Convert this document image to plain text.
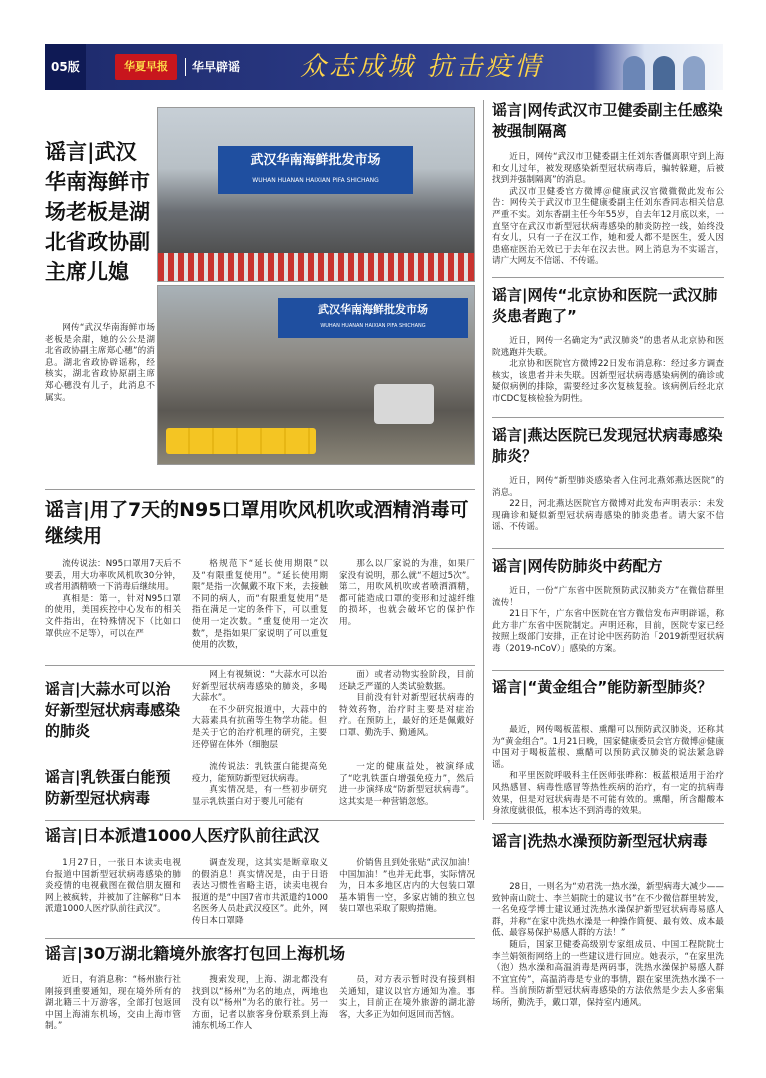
05版	华夏早报	华早辟谣 众志成城 抗击疫情
谣言|武汉华南海鲜市场老板是湖北省政协副主席儿媳

网传“武汉华南海鲜市场老板是余甜，她的公公是湖北省政协副主席郑心穗”的消息。湖北省政协辟谣称，经核实，湖北省政协原副主席郑心穗没有儿子，此消息不属实。

武汉华南海鲜批发市场
WUHAN HUANAN HAIXIAN PIFA SHICHANG
武汉华南海鲜批发市场
WUHAN HUANAN HAIXIAN PIFA SHICHANG
谣言|网传武汉市卫健委副主任感染被强制隔离

近日，网传“武汉市卫健委副主任刘东香僵离职守到上海和女儿过年，被发现感染新型冠状病毒后，骗转躲避，后被找到并强制隔离”的消息。

武汉市卫健委官方微博＠健康武汉官微微微此发布公告：网传关于武汉市卫生健康委副主任刘东香同志相关信息严重不实。刘东香副主任今年55岁，自去年12月底以来，一直坚守在武汉市新型冠状病毒感染的肺炎防控一线，始终没有女儿，只有一子在汉工作，她和爱人都不是医生，爱人因患癌症医治无效已于去年在汉去世。网上消息为不实谣言，请广大网友不信谣、不传谣。

谣言|网传“北京协和医院一武汉肺炎患者跑了”

近日，网传一名确定为“武汉肺炎”的患者从北京协和医院逃跑并失联。

北京协和医院官方微博22日发布消息称：经过多方调查核实，该患者并未失联。因新型冠状病毒感染病例的确诊或疑似病例的排除，需要经过多次复核复验。该病例后经北京市CDC复核检验为阴性。

谣言|燕达医院已发现冠状病毒感染肺炎？

近日，网传“新型肺炎感染者入住河北燕郊燕达医院”的消息。

22日，河北燕达医院官方微博对此发布声明表示：未发现确诊和疑似新型冠状病毒感染的肺炎患者。请大家不信谣、不传谣。

谣言|网传防肺炎中药配方

近日，一份“广东省中医院预防武汉肺炎方”在微信群里流传！

21日下午，广东省中医院在官方微信发布声明辟谣，称此方非广东省中医院制定。声明还称，目前，医院专家已经按照上级部门安排，正在讨论中医药防治「2019新型冠状病毒（2019-nCoV）」感染的方案。

谣言|“黄金组合”能防新型肺炎？

最近，网传喝板蓝根、熏醋可以预防武汉肺炎，还称其为“黄金组合”。1月21日晚，国家健康委员会官方微博＠健康中国对于喝板蓝根、熏醋可以预防武汉肺炎的说法紧急辟谣。

和平里医院呼吸科主任医师张晔称：板蓝根适用于治疗风热感冒、病毒性感冒等热性疾病的治疗，有一定的抗病毒效果，但是对冠状病毒是不可能有效的。熏醋，所含醋酸本身浓度就很低，根本达不到消毒的效果。

谣言|洗热水澡预防新型冠状病毒

28日，一则名为“劝君洗一热水澡，新型病毒大减少——致钟南山院士、李兰娟院士的建议书”在不少微信群里转发，一名免疫学博士建议通过洗热水澡保护新型冠状病毒易感人群，并称“在家中洗热水澡是一种操作简便、最有效、成本最低、最容易保护易感人群的方法！”

随后，国家卫健委高级别专家组成员、中国工程院院士李兰娟领衔网络上的一些建议进行回应。她表示，“在家里洗（泡）热水澡和高温消毒是两码事，洗热水澡保护易感人群不宜宜传”，高温消毒是专业的事情，跟在家里洗热水澡不一样。当前预防新型冠状病毒感染的方法依然是少去人多密集场所，勤洗手，戴口罩，保持室内通风。

谣言|用了7天的N95口罩用吹风机吹或酒精消毒可继续用

流传说法：N95口罩用7天后不要丢，用大功率吹风机吹30分钟，或者用酒精喷一下消毒后继续用。

真相是：第一，针对N95口罩的使用，美国疾控中心发布的相关文件指出，在特殊情况下（比如口罩供应不足等），可以在严

格规范下“延长使用期限”以及“有限重复使用”。“延长使用期限”是指一次佩戴不取下来，去接触不同的病人，而“有限重复使用”是指在满足一定的条件下，可以重复使用一定次数。“重复使用一定次数”，是指如果厂家说明了可以重复使用的次数，

那么以厂家说的为准，如果厂家没有说明，那么就“不超过5次”。第二，用吹风机吹或者喷洒酒精，都可能造成口罩的变形和过滤纤维的损坏，也就会破坏它的保护作用。

谣言|大蒜水可以治好新型冠状病毒感染的肺炎

网上有视频说：“大蒜水可以治好新型冠状病毒感染的肺炎，多喝大蒜水”。

在不少研究报道中，大蒜中的大蒜素具有抗菌等生物学功能。但是关于它的治疗机理的研究，主要还停留在体外（细胞层

面）或者动物实验阶段，目前还缺乏严谨的人类试验数据。

目前没有针对新型冠状病毒的特效药物，治疗时主要是对症治疗。在预防上，最好的还是佩戴好口罩、勤洗手、勤通风。

谣言|乳铁蛋白能预防新型冠状病毒

流传说法：乳铁蛋白能提高免疫力，能预防新型冠状病毒。

真实情况是，有一些初步研究显示乳铁蛋白对于婴儿可能有

一定的健康益处，被演绎成了“吃乳铁蛋白增强免疫力”，然后进一步演绎成“防新型冠状病毒”。这其实是一种营销忽悠。

谣言|日本派遣1000人医疗队前往武汉

1月27日，一张日本读卖电视台报道中国新型冠状病毒感染的肺炎疫情的电视截图在微信朋友圈和网上被疯转，并被加了注解称“日本派遣1000人医疗队前往武汉”。

调查发现，这其实是断章取义的假消息！真实情况是，由于日语表达习惯性省略主语，读卖电视台报道的是“中国7省市共派遣约1000名医务人员赴武汉疫区”。此外，网传日本口罩降

价销售且到处张贴“武汉加油！中国加油！”也并无此事，实际情况为，日本多地区店内的大包装口罩基本销售一空，多家店铺的独立包装口罩也采取了限购措施。

谣言|30万湖北籍境外旅客打包回上海机场

近日，有消息称：“杨州旅行社刚接到重要通知，现在境外所有的湖北籍三十万游客，全部打包返回中国上海浦东机场，交由上海市管制。”

搜索发现，上海、湖北都没有找到以“杨州”为名的地点，两地也没有以“杨州”为名的旅行社。另一方面，记者以旅客身份联系到上海浦东机场工作人

员，对方表示暂时没有接到相关通知，建议以官方通知为准。事实上，目前正在境外旅游的湖北游客，大多正为如何返回而苦恼。
